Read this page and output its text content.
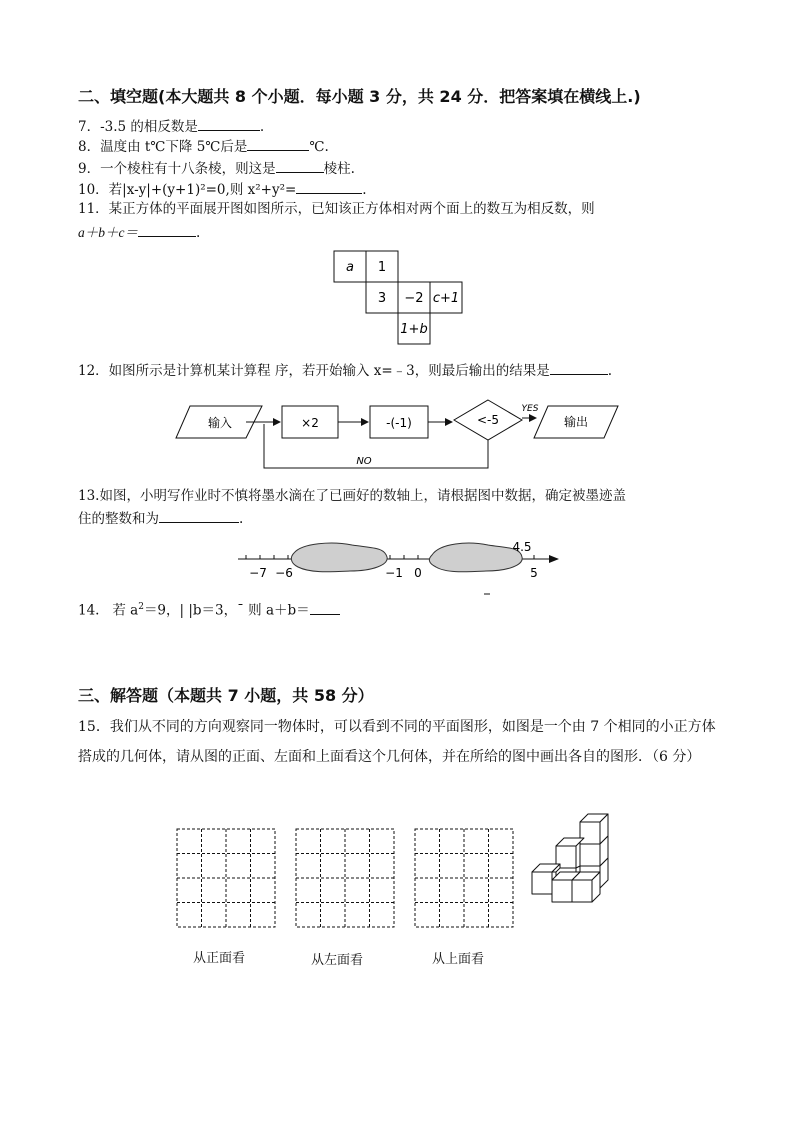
二、填空题(本大题共 8 个小题．每小题 3 分，共 24 分．把答案填在横线上.)
7．-3.5 的相反数是	.
8．温度由 t℃下降 5℃后是	℃.
9．一个棱柱有十八条棱，则这是	棱柱.
10．若|x-y|+(y+1)²=0,则 x²+y²=	.
11．某正方体的平面展开图如图所示，已知该正方体相对两个面上的数互为相反数，则
a＋b＋c＝	.
a 1
3 −2 c+1
1+b
12．如图所示是计算机某计算程 序，若开始输入 x=﹣3，则最后输出的结果是	.
输入	×2	-(-1)	<-5
YES
输出
NO
13.如图，小明写作业时不慎将墨水滴在了已画好的数轴上，请根据图中数据，确定被墨迹盖
住的整数和为	.
−7 −6	−1 0
4.5
5
14. 若 $a^2=9$，| |b＝3，¯ 则 a＋b＝
三、解答题（本题共 7 小题，共 58 分）
15．我们从不同的方向观察同一物体时，可以看到不同的平面图形，如图是一个由 7 个相同的小正方体搭成的几何体，请从图的正面、左面和上面看这个几何体，并在所给的图中画出各自的图形．（6 分）
从正面看	从左面看	从上面看
